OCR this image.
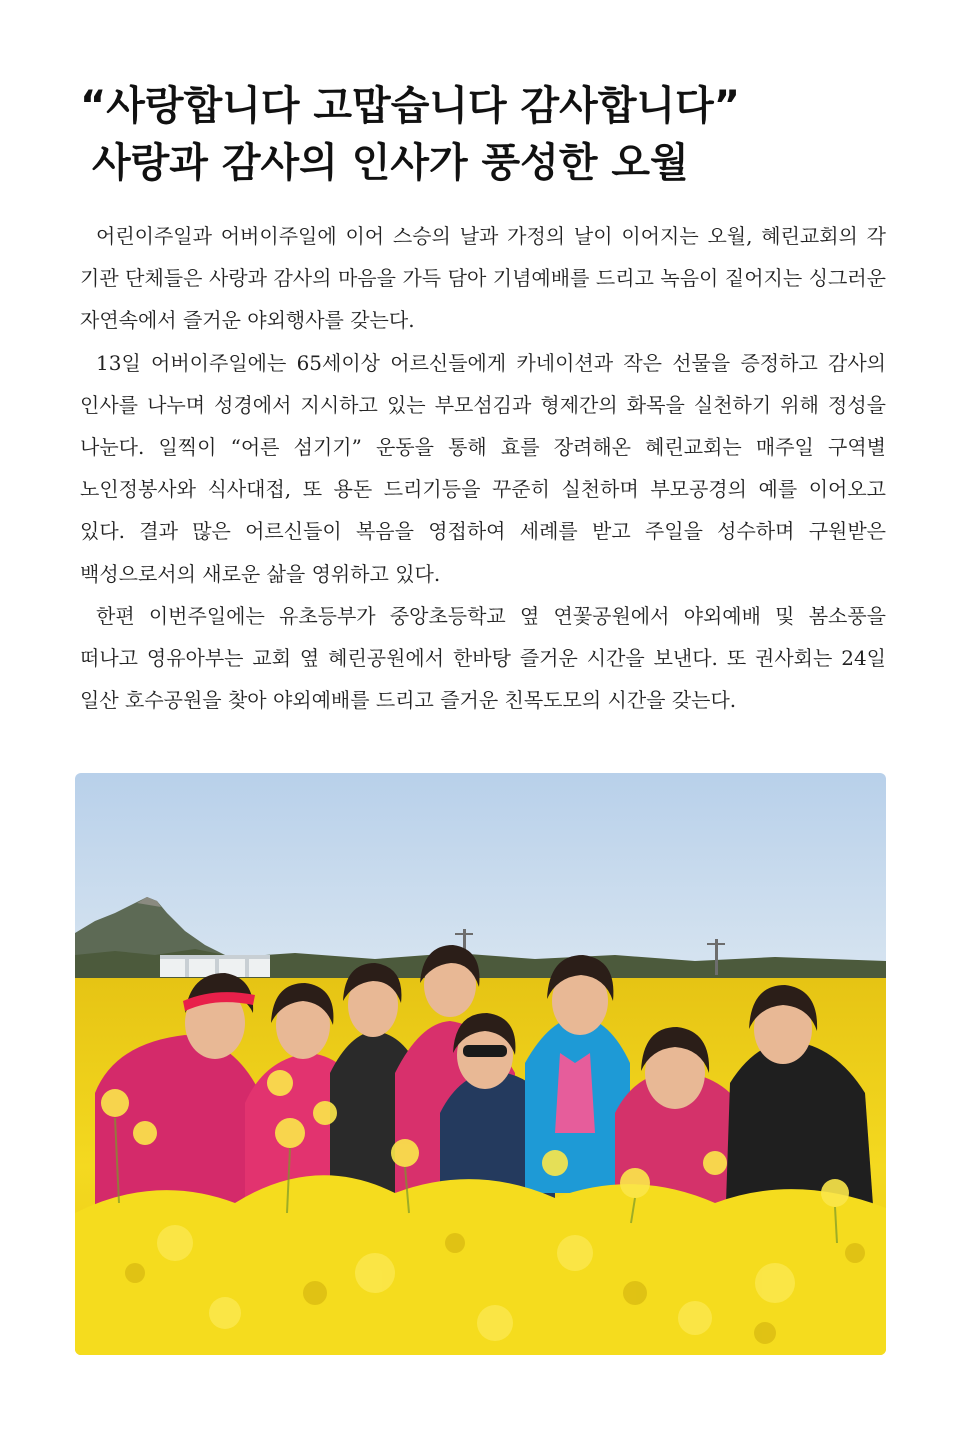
“사랑합니다 고맙습니다 감사합니다”
사랑과 감사의 인사가 풍성한 오월

어린이주일과 어버이주일에 이어 스승의 날과 가정의 날이 이어지는 오월, 혜린교회의 각 기관 단체들은 사랑과 감사의 마음을 가득 담아 기념예배를 드리고 녹음이 짙어지는 싱그러운 자연속에서 즐거운 야외행사를 갖는다.

13일 어버이주일에는 65세이상 어르신들에게 카네이션과 작은 선물을 증정하고 감사의 인사를 나누며 성경에서 지시하고 있는 부모섬김과 형제간의 화목을 실천하기 위해 정성을 나눈다. 일찍이 “어른 섬기기” 운동을 통해 효를 장려해온 혜린교회는 매주일 구역별 노인정봉사와 식사대접, 또 용돈 드리기등을 꾸준히 실천하며 부모공경의 예를 이어오고 있다. 결과 많은 어르신들이 복음을 영접하여 세례를 받고 주일을 성수하며 구원받은 백성으로서의 새로운 삶을 영위하고 있다.

한편 이번주일에는 유초등부가 중앙초등학교 옆 연꽃공원에서 야외예배 및 봄소풍을 떠나고 영유아부는 교회 옆 혜린공원에서 한바탕 즐거운 시간을 보낸다. 또 권사회는 24일 일산 호수공원을 찾아 야외예배를 드리고 즐거운 친목도모의 시간을 갖는다.
